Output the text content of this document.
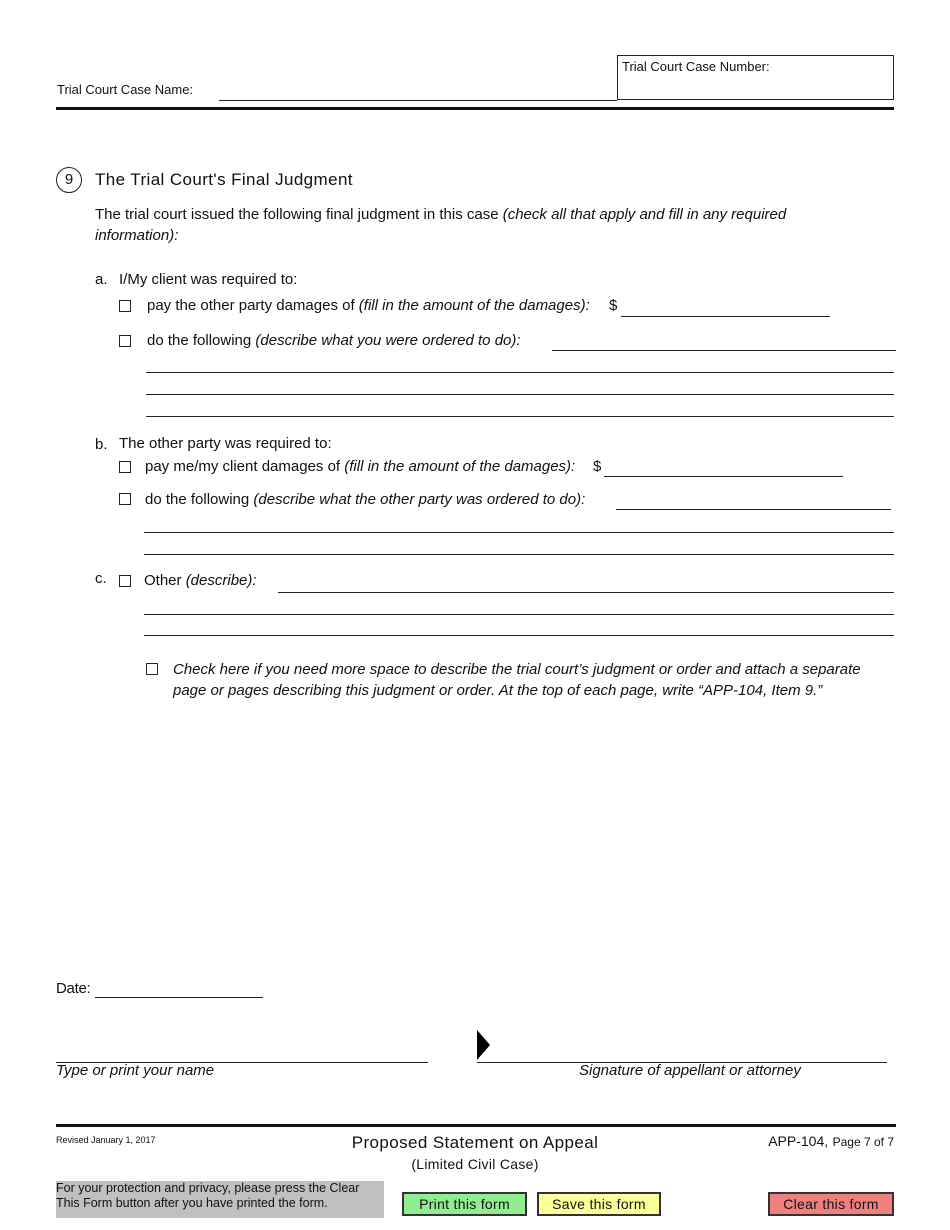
Trial Court Case Name:
Trial Court Case Number:
9	The Trial Court's Final Judgment
The trial court issued the following final judgment in this case (check all that apply and fill in any required
information):
a. I/My client was required to:
pay the other party damages of (fill in the amount of the damages): $
do the following (describe what you were ordered to do):
b. The other party was required to:
pay me/my client damages of (fill in the amount of the damages): $
do the following (describe what the other party was ordered to do):
c. Other (describe):
Check here if you need more space to describe the trial court’s judgment or order and attach a separate
page or pages describing this judgment or order. At the top of each page, write “APP-104, Item 9.”
Date:
Type or print your name	Signature of appellant or attorney
Revised January 1, 2017	Proposed Statement on Appeal
(Limited Civil Case)
APP-104, Page 7 of 7
For your protection and privacy, please press the Clear
This Form button after you have printed the form.	Print this form	Save this form	Clear this form
